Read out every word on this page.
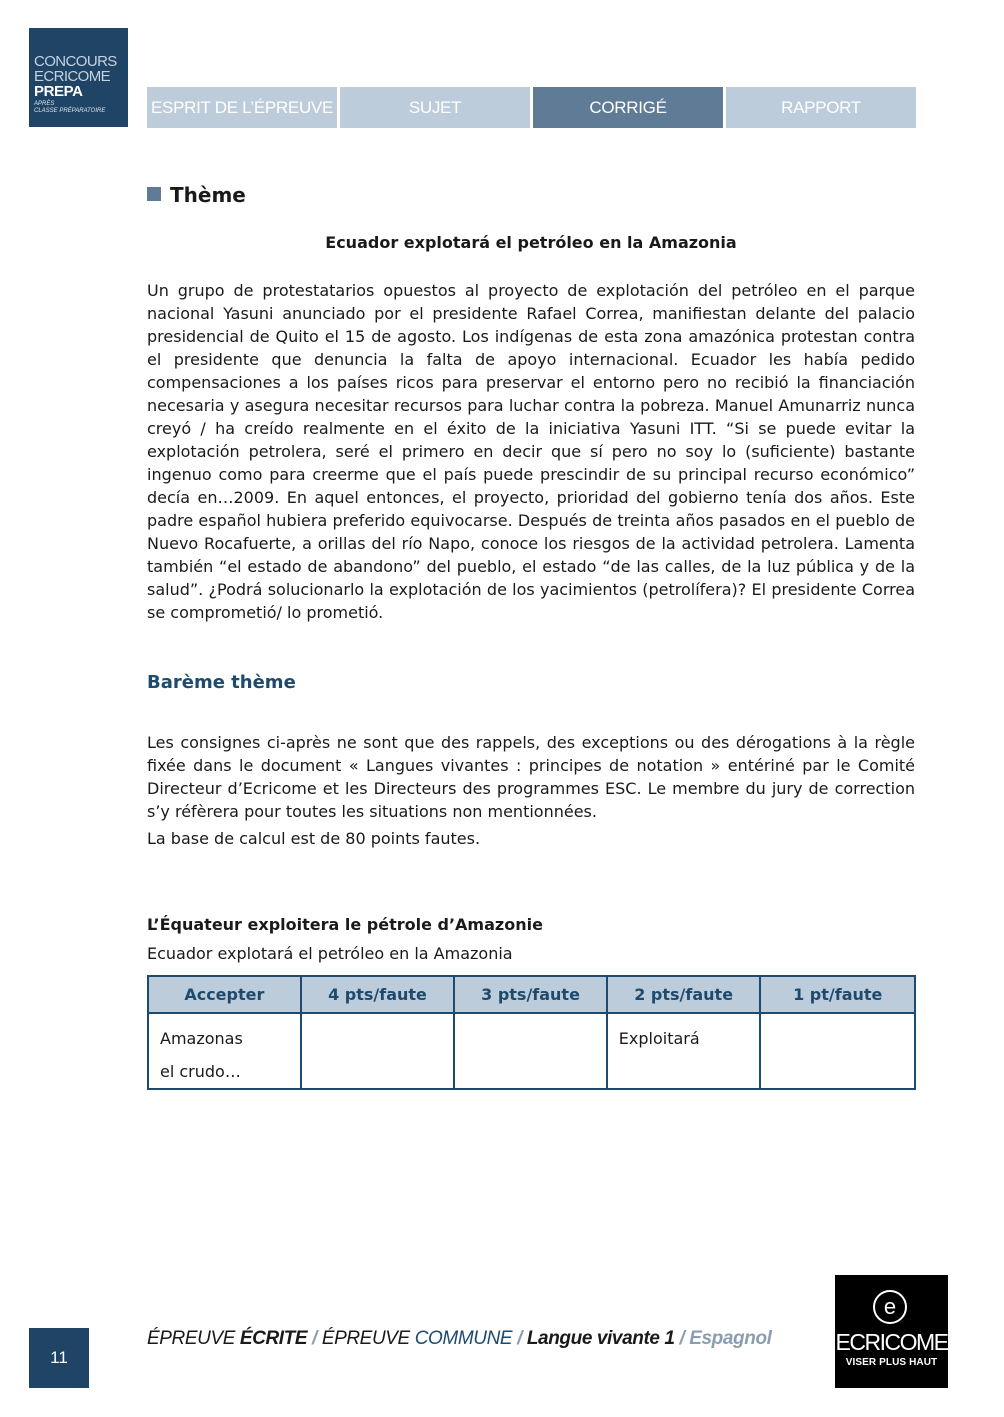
CONCOURS
ECRICOME
PREPA
APRÈS
CLASSE PRÉPARATOIRE	ESPRIT DE L’ÉPREUVE	SUJET	CORRIGÉ	RAPPORT
Thème
Ecuador explotará el petróleo en la Amazonia

Un grupo de protestatarios opuestos al proyecto de explotación del petróleo en el parque nacional Yasuni anunciado por el presidente Rafael Correa, manifiestan delante del palacio presidencial de Quito el 15 de agosto. Los indígenas de esta zona amazónica protestan contra el presidente que denuncia la falta de apoyo internacional. Ecuador les había pedido compensaciones a los países ricos para preservar el entorno pero no recibió la financiación necesaria y asegura necesitar recursos para luchar contra la pobreza. Manuel Amunarriz nunca creyó / ha creído realmente en el éxito de la iniciativa Yasuni ITT. “Si se puede evitar la explotación petrolera, seré el primero en decir que sí pero no soy lo (suficiente) bastante ingenuo como para creerme que el país puede prescindir de su principal recurso económico” decía en…2009. En aquel entonces, el proyecto, prioridad del gobierno tenía dos años. Este padre español hubiera preferido equivocarse. Después de treinta años pasados en el pueblo de Nuevo Rocafuerte, a orillas del río Napo, conoce los riesgos de la actividad petrolera. Lamenta también “el estado de abandono” del pueblo, el estado “de las calles, de la luz pública y de la salud”. ¿Podrá solucionarlo la explotación de los yacimientos (petrolífera)? El presidente Correa se comprometió/ lo prometió.

Barème thème

Les consignes ci-après ne sont que des rappels, des exceptions ou des dérogations à la règle fixée dans le document « Langues vivantes : principes de notation » entériné par le Comité Directeur d’Ecricome et les Directeurs des programmes ESC. Le membre du jury de correction s’y réfèrera pour toutes les situations non mentionnées.

La base de calcul est de 80 points fautes.

L’Équateur exploitera le pétrole d’Amazonie
Ecuador explotará el petróleo en la Amazonia
Accepter	4 pts/faute	3 pts/faute	2 pts/faute	1 pt/faute

Amazonas
el crudo…			Exploitará	
11
ÉPREUVE ÉCRITE / ÉPREUVE COMMUNE / Langue vivante 1 / Espagnol
e
ECRICOME
VISER PLUS HAUT
